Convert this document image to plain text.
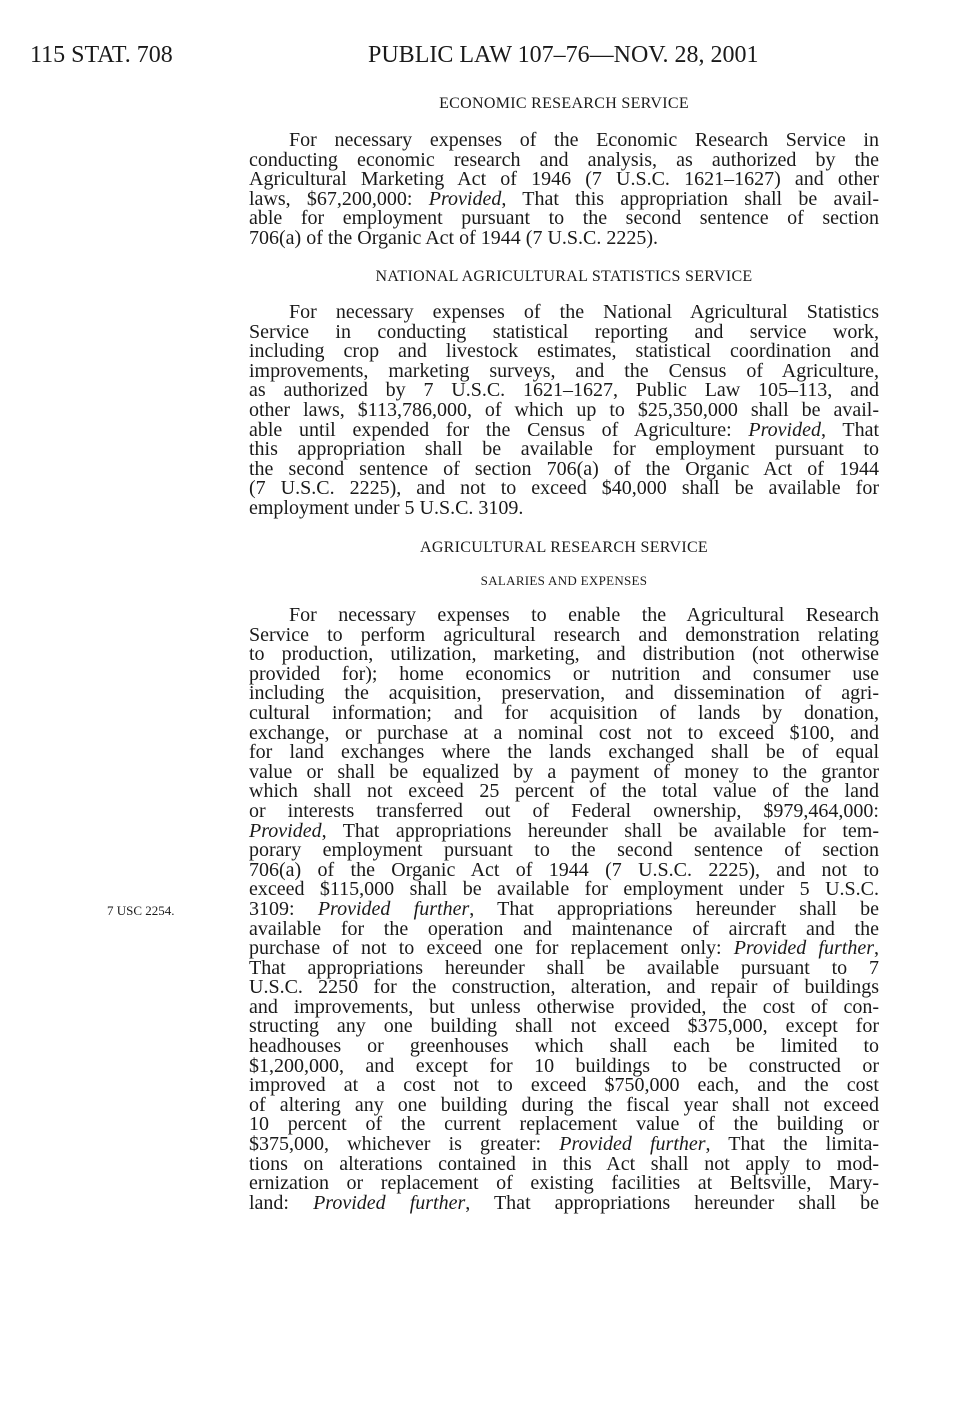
115 STAT. 708	PUBLIC LAW 107–76—NOV. 28, 2001
ECONOMIC RESEARCH SERVICE
For necessary expenses of the Economic Research Service in
conducting economic research and analysis, as authorized by the
Agricultural Marketing Act of 1946 (7 U.S.C. 1621–1627) and other
laws, $67,200,000: Provided, That this appropriation shall be avail-
able for employment pursuant to the second sentence of section
706(a) of the Organic Act of 1944 (7 U.S.C. 2225).
NATIONAL AGRICULTURAL STATISTICS SERVICE
For necessary expenses of the National Agricultural Statistics
Service in conducting statistical reporting and service work,
including crop and livestock estimates, statistical coordination and
improvements, marketing surveys, and the Census of Agriculture,
as authorized by 7 U.S.C. 1621–1627, Public Law 105–113, and
other laws, $113,786,000, of which up to $25,350,000 shall be avail-
able until expended for the Census of Agriculture: Provided, That
this appropriation shall be available for employment pursuant to
the second sentence of section 706(a) of the Organic Act of 1944
(7 U.S.C. 2225), and not to exceed $40,000 shall be available for
employment under 5 U.S.C. 3109.
AGRICULTURAL RESEARCH SERVICE
SALARIES AND EXPENSES
For necessary expenses to enable the Agricultural Research
Service to perform agricultural research and demonstration relating
to production, utilization, marketing, and distribution (not otherwise
provided for); home economics or nutrition and consumer use
including the acquisition, preservation, and dissemination of agri-
cultural information; and for acquisition of lands by donation,
exchange, or purchase at a nominal cost not to exceed $100, and
for land exchanges where the lands exchanged shall be of equal
value or shall be equalized by a payment of money to the grantor
which shall not exceed 25 percent of the total value of the land
or interests transferred out of Federal ownership, $979,464,000:
Provided, That appropriations hereunder shall be available for tem-
porary employment pursuant to the second sentence of section
706(a) of the Organic Act of 1944 (7 U.S.C. 2225), and not to
exceed $115,000 shall be available for employment under 5 U.S.C.
3109: Provided further, That appropriations hereunder shall be
available for the operation and maintenance of aircraft and the
purchase of not to exceed one for replacement only: Provided further,
That appropriations hereunder shall be available pursuant to 7
U.S.C. 2250 for the construction, alteration, and repair of buildings
and improvements, but unless otherwise provided, the cost of con-
structing any one building shall not exceed $375,000, except for
headhouses or greenhouses which shall each be limited to
$1,200,000, and except for 10 buildings to be constructed or
improved at a cost not to exceed $750,000 each, and the cost
of altering any one building during the fiscal year shall not exceed
10 percent of the current replacement value of the building or
$375,000, whichever is greater: Provided further, That the limita-
tions on alterations contained in this Act shall not apply to mod-
ernization or replacement of existing facilities at Beltsville, Mary-
land: Provided further, That appropriations hereunder shall be
7 USC 2254.
